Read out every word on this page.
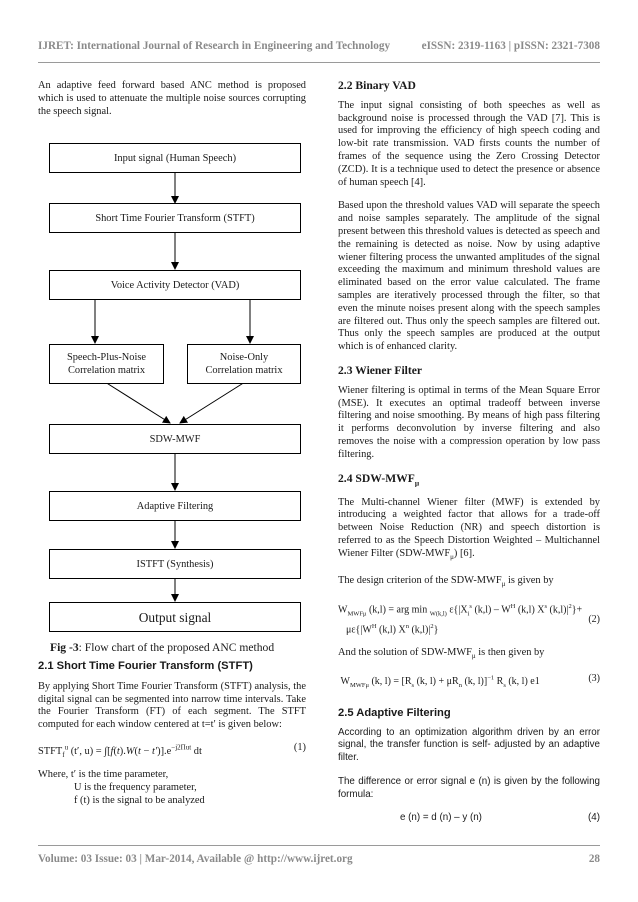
IJRET: International Journal of Research in Engineering and Technology	eISSN: 2319-1163 | pISSN: 2321-7308

An adaptive feed forward based ANC method is proposed which is used to attenuate the multiple noise sources corrupting the speech signal.

Input signal (Human Speech)
Short Time Fourier Transform (STFT)
Voice Activity Detector (VAD)
Speech-Plus-Noise
Correlation matrix
Noise-Only
Correlation matrix
SDW-MWF
Adaptive Filtering
ISTFT (Synthesis)
Output signal
Fig -3: Flow chart of the proposed ANC method
2.1 Short Time Fourier Transform (STFT)

By applying Short Time Fourier Transform (STFT) analysis, the digital signal can be segmented into narrow time intervals. Take the Fourier Transform (FT) of each segment. The STFT computed for each window centered at t=t′ is given below:

$STFT_f^u$ (t′, $u) = \int[f(t).W(t - t')].e^{-j2\Pi ut}$ dt	(1)

Where, t′ is the time parameter,

U is the frequency parameter,

f (t) is the signal to be analyzed

2.2 Binary VAD

The input signal consisting of both speeches as well as background noise is processed through the VAD [7]. This is used for improving the efficiency of high speech coding and low-bit rate transmission. VAD firsts counts the number of frames of the sequence using the Zero Crossing Detector (ZCD). It is a technique used to detect the presence or absence of human speech [4].

Based upon the threshold values VAD will separate the speech and noise samples separately. The amplitude of the signal present between this threshold values is detected as speech and the remaining is detected as noise. Now by using adaptive wiener filtering process the unwanted amplitudes of the signal exceeding the maximum and minimum threshold values are eliminated based on the error value calculated. The frame samples are iteratively processed through the filter, so that even the minute noises present along with the speech samples are filtered out. Thus only the speech samples are filtered out. Thus only the speech samples are produced at the output which is of enhanced clarity.

2.3 Wiener Filter

Wiener filtering is optimal in terms of the Mean Square Error (MSE). It executes an optimal tradeoff between inverse filtering and noise smoothing. By means of high pass filtering it performs deconvolution by inverse filtering and also removes the noise with a compression operation by low pass filtering.

2.4 SDW-$MWF_\mu$

The Multi-channel Wiener filter (MWF) is extended by introducing a weighted factor that allows for a trade-off between Noise Reduction (NR) and speech distortion is referred to as the Speech Distortion Weighted – Multichannel Wiener Filter $(SDW-MWF_\mu)$ [6].

The design criterion of the SDW-$MWF_\mu$ is given by

$W_{MWF\mu}$ (k,l) = arg min $_{W(k,l)}$ $\varepsilon\{|X_i^s$ $(k,l) - W^H$ (k,l) $X^s$ $(k,l)|^2\}+$
$\mu\varepsilon\{|W^H$ (k,l) $X^n$ $(k,l)|^2$}
(2)

And the solution of SDW-$MWF_\mu$ is then given by

$W_{MWF\mu}$ (k, $l) = [R_s$ (k, $l) + \mu R_n$ (k, l)]$^{-1}$ $R_s$ (k, l) e1	(3)
2.5 Adaptive Filtering

According to an optimization algorithm driven by an error signal, the transfer function is self- adjusted by an adaptive filter.

The difference or error signal e (n) is given by the following formula:

e (n) = d (n) – y (n)	(4)
Volume: 03 Issue: 03 | Mar-2014, Available @ http://www.ijret.org	28
